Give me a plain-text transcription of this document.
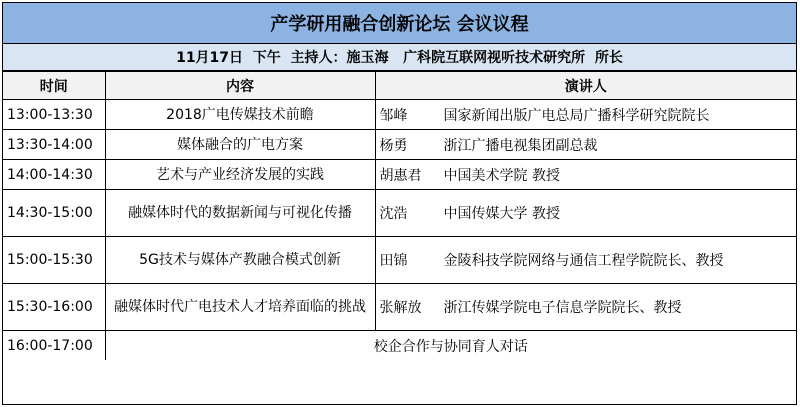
产学研用融合创新论坛 会议议程
11月17日  下午  主持人：施玉海   广科院互联网视听技术研究所  所长
时间	内容	演讲人
13:00-13:30	2018广电传媒技术前瞻	邹峰 国家新闻出版广电总局广播科学研究院院长

13:30-14:00	媒体融合的广电方案	杨勇 浙江广播电视集团副总裁

14:00-14:30	艺术与产业经济发展的实践	胡惠君 中国美术学院 教授

14:30-15:00	融媒体时代的数据新闻与可视化传播	沈浩 中国传媒大学 教授

15:00-15:30	5G技术与媒体产教融合模式创新	田锦 金陵科技学院网络与通信工程学院院长、教授

15:30-16:00	融媒体时代广电技术人才培养面临的挑战	张解放 浙江传媒学院电子信息学院院长、教授

16:00-17:00	校企合作与协同育人对话	
